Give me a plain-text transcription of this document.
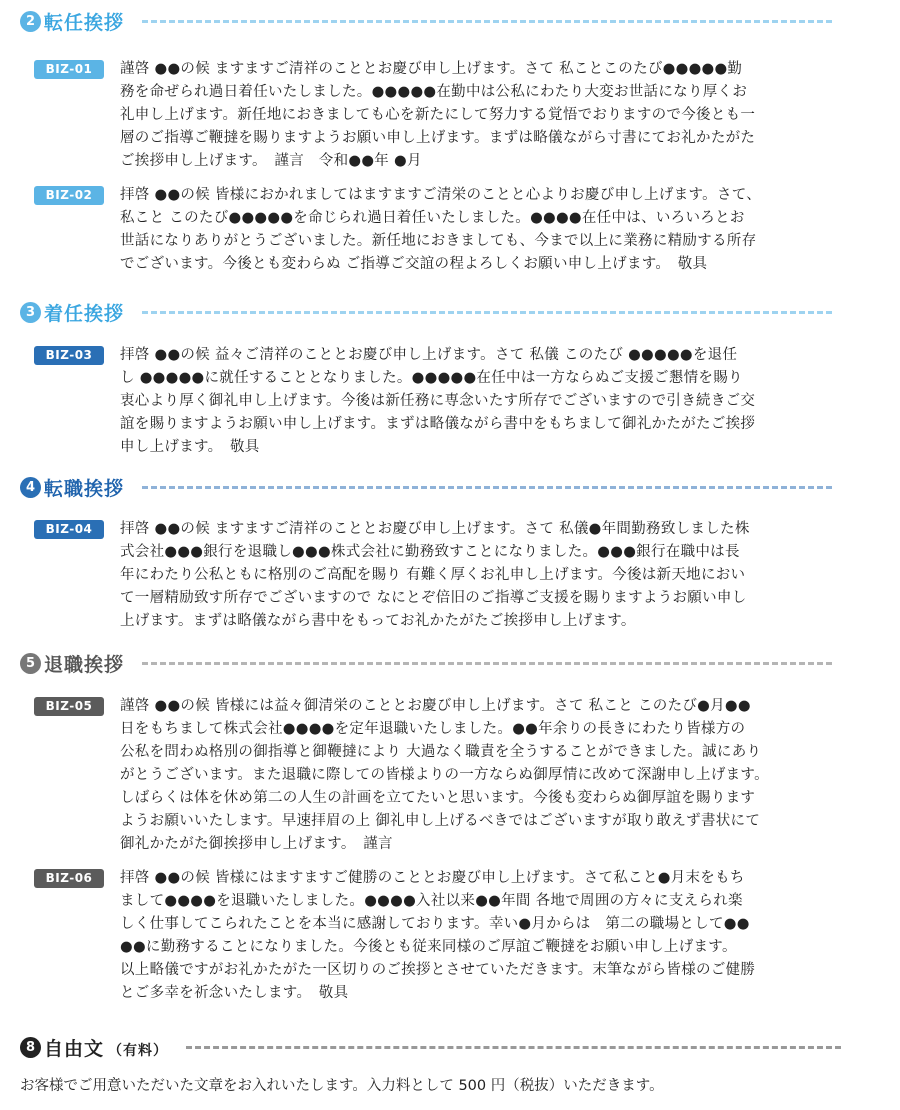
2 転任挨拶
BIZ-01	謹啓 ●●の候 ますますご清祥のこととお慶び申し上げます。さて 私ことこのたび●●●●●勤
務を命ぜられ過日着任いたしました。●●●●●在勤中は公私にわたり大変お世話になり厚くお
礼申し上げます。新任地におきましても心を新たにして努力する覚悟でおりますので今後とも一
層のご指導ご鞭撻を賜りますようお願い申し上げます。まずは略儀ながら寸書にてお礼かたがた
ご挨拶申し上げます。　謹言　令和●●年 ●月
BIZ-02	拝啓 ●●の候 皆様におかれましてはますますご清栄のことと心よりお慶び申し上げます。さて、
私こと このたび●●●●●を命じられ過日着任いたしました。●●●●在任中は、いろいろとお
世話になりありがとうございました。新任地におきましても、今まで以上に業務に精励する所存
でございます。今後とも変わらぬ ご指導ご交誼の程よろしくお願い申し上げます。　敬具
3 着任挨拶
BIZ-03	拝啓 ●●の候 益々ご清祥のこととお慶び申し上げます。さて 私儀 このたび ●●●●●を退任
し ●●●●●に就任することとなりました。●●●●●在任中は一方ならぬご支援ご懇情を賜り
衷心より厚く御礼申し上げます。今後は新任務に専念いたす所存でございますので引き続きご交
誼を賜りますようお願い申し上げます。まずは略儀ながら書中をもちまして御礼かたがたご挨拶
申し上げます。　敬具
4 転職挨拶
BIZ-04	拝啓 ●●の候 ますますご清祥のこととお慶び申し上げます。さて 私儀●年間勤務致しました株
式会社●●●銀行を退職し●●●株式会社に勤務致すことになりました。●●●銀行在職中は長
年にわたり公私ともに格別のご高配を賜り 有難く厚くお礼申し上げます。今後は新天地におい
て一層精励致す所存でございますので なにとぞ倍旧のご指導ご支援を賜りますようお願い申し
上げます。まずは略儀ながら書中をもってお礼かたがたご挨拶申し上げます。
5 退職挨拶
BIZ-05	謹啓 ●●の候 皆様には益々御清栄のこととお慶び申し上げます。さて 私こと このたび●月●●
日をもちまして株式会社●●●●を定年退職いたしました。●●年余りの長きにわたり皆様方の
公私を問わぬ格別の御指導と御鞭撻により 大過なく職責を全うすることができました。誠にあり
がとうございます。また退職に際しての皆様よりの一方ならぬ御厚情に改めて深謝申し上げます。
しばらくは体を休め第二の人生の計画を立てたいと思います。今後も変わらぬ御厚誼を賜ります
ようお願いいたします。早速拝眉の上 御礼申し上げるべきではございますが取り敢えず書状にて
御礼かたがた御挨拶申し上げます。　謹言
BIZ-06	拝啓 ●●の候 皆様にはますますご健勝のこととお慶び申し上げます。さて私こと●月末をもち
まして●●●●を退職いたしました。●●●●入社以来●●年間 各地で周囲の方々に支えられ楽
しく仕事してこられたことを本当に感謝しております。幸い●月からは　第二の職場として●●
●●に勤務することになりました。今後とも従来同様のご厚誼ご鞭撻をお願い申し上げます。
以上略儀ですがお礼かたがた一区切りのご挨拶とさせていただきます。末筆ながら皆様のご健勝
とご多幸を祈念いたします。　敬具
8 自由文 （有料）
お客様でご用意いただいた文章をお入れいたします。入力料として 500 円（税抜）いただきます。
